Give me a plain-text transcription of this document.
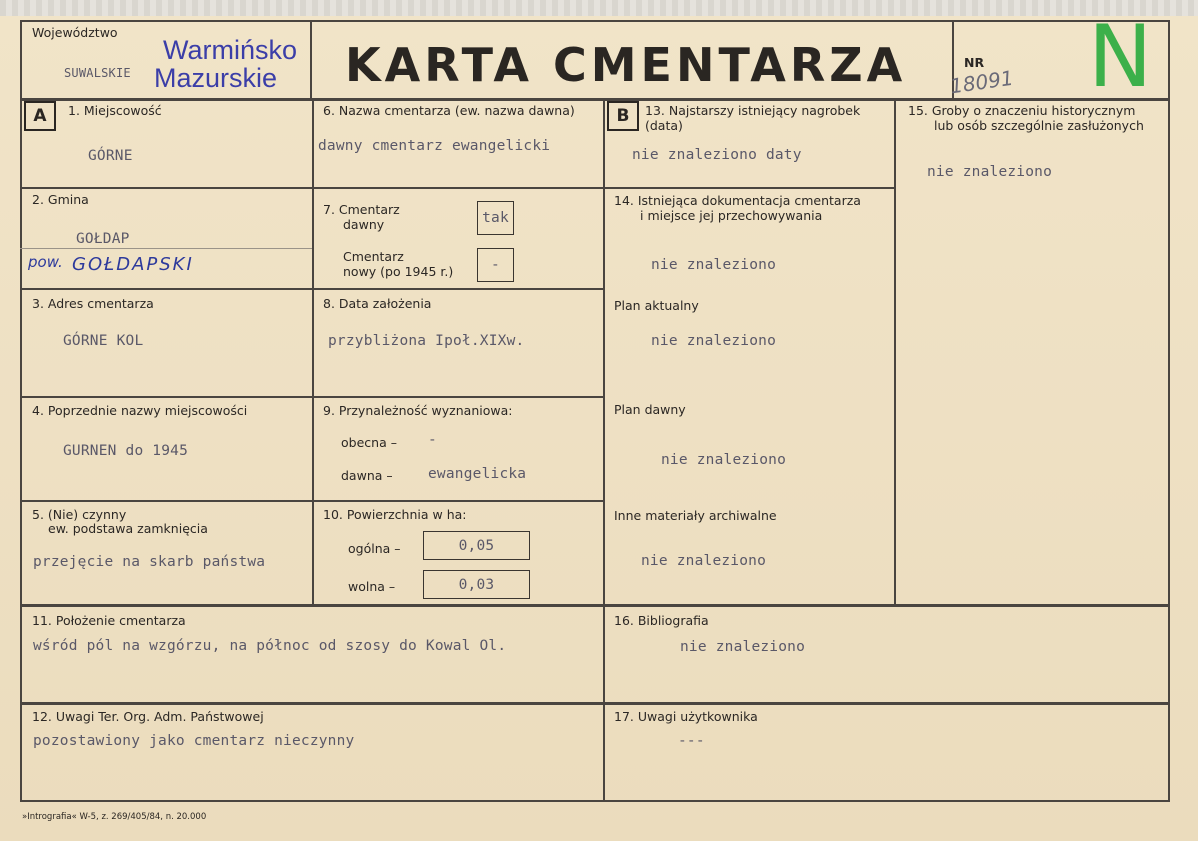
Województwo
SUWALSKIE
Warmińsko
Mazurskie KARTA CMENTARZA	NR
18091 N
A	1. Miejscowość
GÓRNE
2. Gmina
GOŁDAP
pow. GOŁDAPSKI
3. Adres cmentarza
GÓRNE KOL
4. Poprzednie nazwy miejscowości
GURNEN do 1945
5. (Nie) czynny
ew. podstawa zamknięcia
przejęcie na skarb państwa
6. Nazwa cmentarza (ew. nazwa dawna)
dawny cmentarz ewangelicki
7. Cmentarz
dawny	tak
Cmentarz
nowy (po 1945 r.)	-
8. Data założenia
przybliżona Ipoł.XIXw.
9. Przynależność wyznaniowa:
obecna – -
dawna – ewangelicka
10. Powierzchnia w ha:
ogólna –	0,05
wolna –	0,03
B	13. Najstarszy istniejący nagrobek
(data)
nie znaleziono daty
14. Istniejąca dokumentacja cmentarza
i miejsce jej przechowywania
nie znaleziono
Plan aktualny
nie znaleziono
Plan dawny
nie znaleziono
Inne materiały archiwalne
nie znaleziono
15. Groby o znaczeniu historycznym
lub osób szczególnie zasłużonych
nie znaleziono
11. Położenie cmentarza
wśród pól na wzgórzu, na północ od szosy do Kowal Ol.
16. Bibliografia
nie znaleziono
12. Uwagi Ter. Org. Adm. Państwowej
pozostawiony jako cmentarz nieczynny
17. Uwagi użytkownika
---
»Intrografia« W-5, z. 269/405/84, n. 20.000
